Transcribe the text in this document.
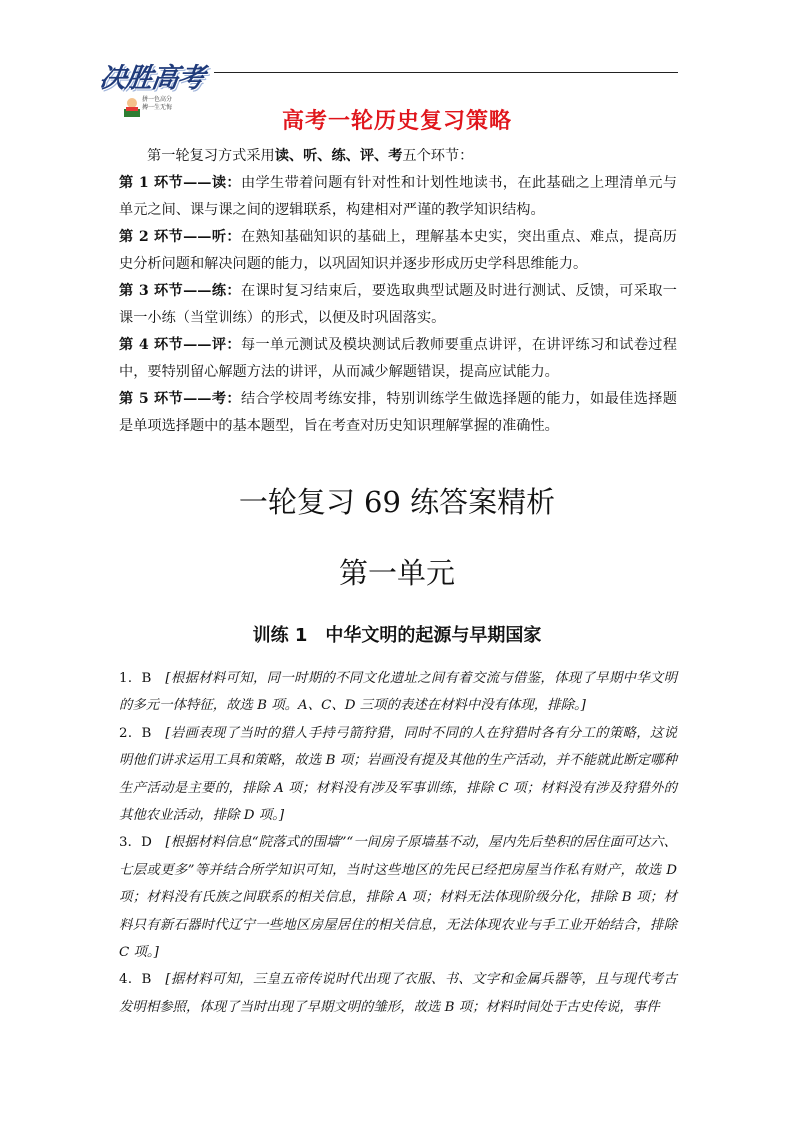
决胜高考
拼一色高分
搏一生无悔
高考一轮历史复习策略

第一轮复习方式采用读、听、练、评、考五个环节：

第 1 环节——读：由学生带着问题有针对性和计划性地读书，在此基础之上理清单元与单元之间、课与课之间的逻辑联系，构建相对严谨的教学知识结构。

第 2 环节——听：在熟知基础知识的基础上，理解基本史实，突出重点、难点，提高历史分析问题和解决问题的能力，以巩固知识并逐步形成历史学科思维能力。

第 3 环节——练：在课时复习结束后，要选取典型试题及时进行测试、反馈，可采取一课一小练（当堂训练）的形式，以便及时巩固落实。

第 4 环节——评：每一单元测试及模块测试后教师要重点讲评，在讲评练习和试卷过程中，要特别留心解题方法的讲评，从而减少解题错误，提高应试能力。

第 5 环节——考：结合学校周考练安排，特别训练学生做选择题的能力，如最佳选择题是单项选择题中的基本题型，旨在考查对历史知识理解掌握的准确性。

一轮复习 69 练答案精析
第一单元
训练 1　中华文明的起源与早期国家

1．B　 [根据材料可知，同一时期的不同文化遗址之间有着交流与借鉴，体现了早期中华文明的多元一体特征，故选 B 项。A、C、D 三项的表述在材料中没有体现，排除。]

2．B　 [岩画表现了当时的猎人手持弓箭狩猎，同时不同的人在狩猎时各有分工的策略，这说明他们讲求运用工具和策略，故选 B 项；岩画没有提及其他的生产活动，并不能就此断定哪种生产活动是主要的，排除 A 项；材料没有涉及军事训练，排除 C 项；材料没有涉及狩猎外的其他农业活动，排除 D 项。]

3．D　 [根据材料信息“院落式的围墙”“一间房子原墙基不动，屋内先后垫积的居住面可达六、七层或更多”等并结合所学知识可知，当时这些地区的先民已经把房屋当作私有财产，故选 D 项；材料没有氏族之间联系的相关信息，排除 A 项；材料无法体现阶级分化，排除 B 项；材料只有新石器时代辽宁一些地区房屋居住的相关信息，无法体现农业与手工业开始结合，排除 C 项。]

4．B　 [据材料可知，三皇五帝传说时代出现了衣服、书、文字和金属兵器等，且与现代考古发明相参照，体现了当时出现了早期文明的雏形，故选 B 项；材料时间处于古史传说，事件
